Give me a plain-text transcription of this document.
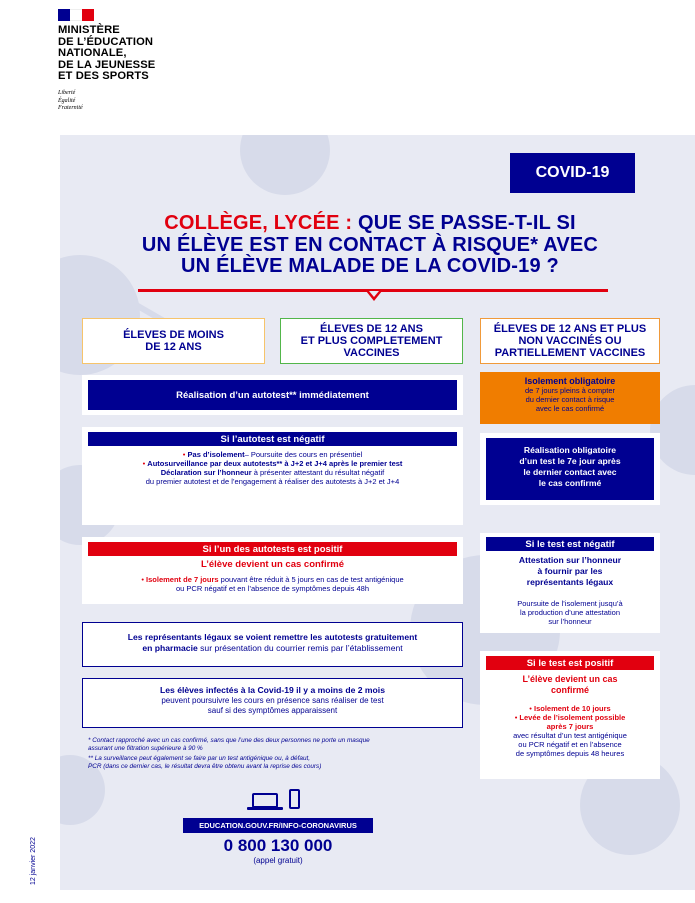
MINISTÈRE
DE L’ÉDUCATION
NATIONALE,
DE LA JEUNESSE
ET DES SPORTS
Liberté
Égalité
Fraternité
COVID-19
COLLÈGE, LYCÉE : QUE SE PASSE-T-IL SI
UN ÉLÈVE EST EN CONTACT À RISQUE* AVEC
UN ÉLÈVE MALADE DE LA COVID-19 ?
ÉLEVES DE MOINS
DE 12 ANS
ÉLEVES DE 12 ANS
ET PLUS COMPLETEMENT
VACCINES
ÉLEVES DE 12 ANS ET PLUS
NON VACCINÉS OU
PARTIELLEMENT VACCINES
Réalisation d’un autotest** immédiatement
Si l’autotest est négatif
• Pas d’isolement– Poursuite des cours en présentiel
• Autosurveillance par deux autotests** à J+2 et J+4 après le premier test
Déclaration sur l’honneur à présenter attestant du résultat négatif
du premier autotest et de l’engagement à réaliser des autotests à J+2 et J+4
Si l’un des autotests est positif
L’élève devient un cas confirmé
• Isolement de 7 jours pouvant être réduit à 5 jours en cas de test antigénique
ou PCR négatif et en l’absence de symptômes depuis 48h
Les représentants légaux se voient remettre les autotests gratuitement
en pharmacie sur présentation du courrier remis par l’établissement
Les élèves infectés à la Covid-19 il y a moins de 2 mois
peuvent poursuivre les cours en présence sans réaliser de test
sauf si des symptômes apparaissent
* Contact rapproché avec un cas confirmé, sans que l’une des deux personnes ne porte un masque
assurant une filtration supérieure à 90 %
** La surveillance peut également se faire par un test antigénique ou, à défaut,
PCR (dans ce dernier cas, le résultat devra être obtenu avant la reprise des cours)
Isolement obligatoire
de 7 jours pleins à compter
du dernier contact à risque
avec le cas confirmé
Réalisation obligatoire
d’un test le 7e jour après
le dernier contact avec
le cas confirmé
Si le test est négatif
Attestation sur l’honneur
à fournir par les
représentants légaux
Poursuite de l’isolement jusqu’à
la production d’une attestation
sur l’honneur
Si le test est positif
L’élève devient un cas
confirmé
• Isolement de 10 jours
• Levée de l’isolement possible
après 7 jours
avec résultat d’un test antigénique
ou PCR négatif et en l’absence
de symptômes depuis 48 heures
EDUCATION.GOUV.FR/INFO-CORONAVIRUS
0 800 130 000
(appel gratuit)
12 janvier 2022
